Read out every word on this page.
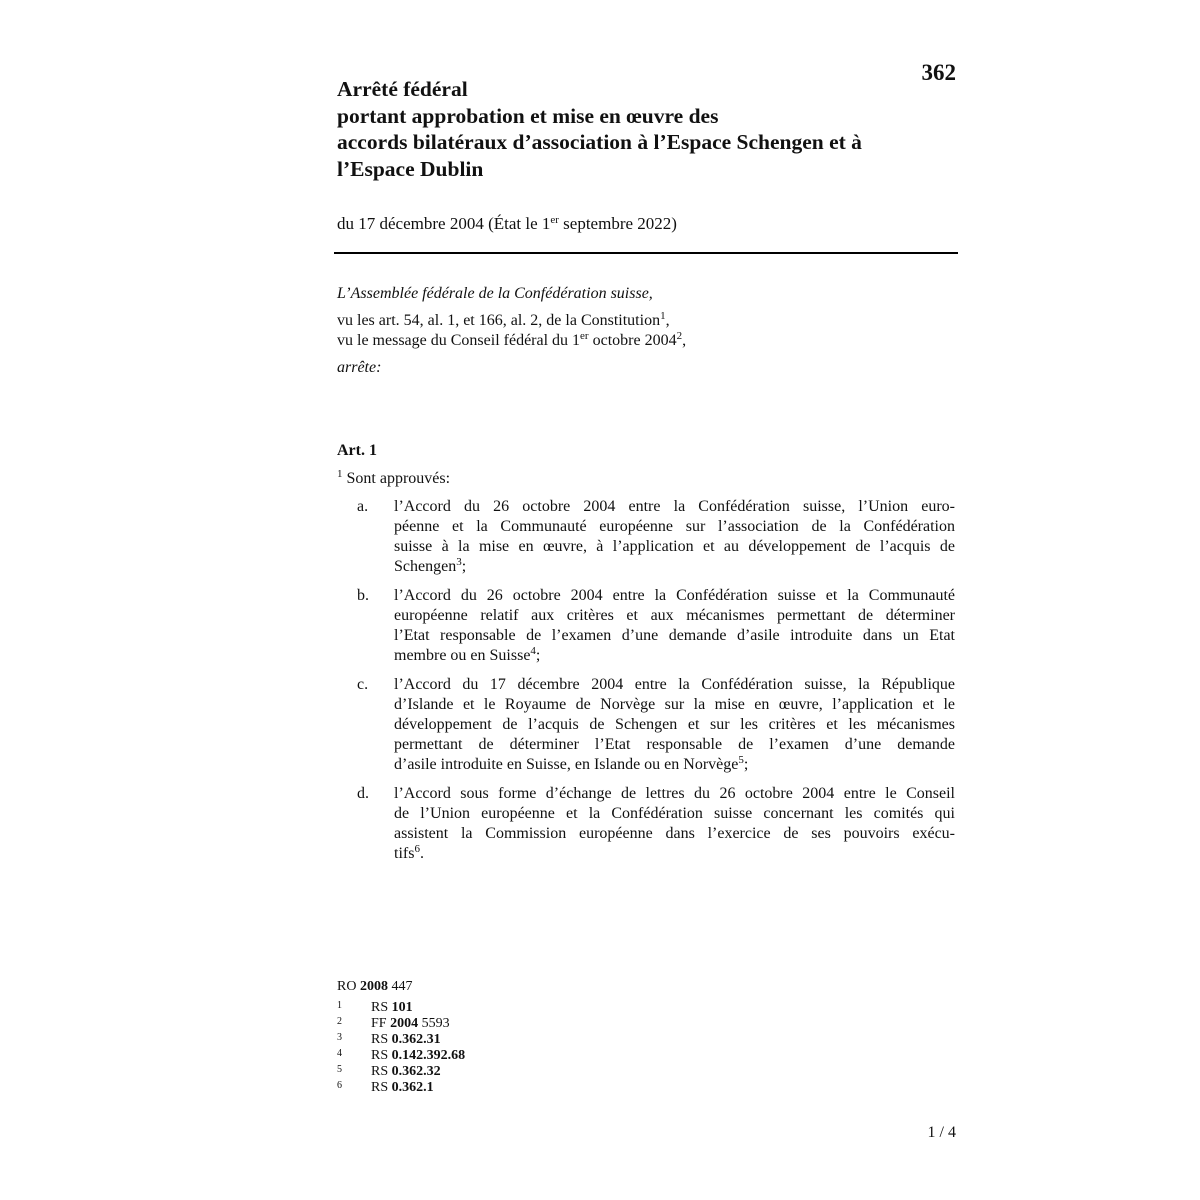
362
Arrêté fédéral
portant approbation et mise en œuvre des
accords bilatéraux d’association à l’Espace Schengen et à
l’Espace Dublin
du 17 décembre 2004 (État le 1er septembre 2022)
L’Assemblée fédérale de la Confédération suisse,
vu les art. 54, al. 1, et 166, al. 2, de la Constitution$^1$,
vu le message du Conseil fédéral du 1er octobre 2004$^2$,
arrête:
Art. 1
$^1$ Sont approuvés:
a.	l’Accord du 26 octobre 2004 entre la Confédération suisse, l’Union euro-
péenne et la Communauté européenne sur l’association de la Confédération
suisse à la mise en œuvre, à l’application et au développement de l’acquis de
Schengen$^3$;
b.	l’Accord du 26 octobre 2004 entre la Confédération suisse et la Communauté
européenne relatif aux critères et aux mécanismes permettant de déterminer
l’Etat responsable de l’examen d’une demande d’asile introduite dans un Etat
membre ou en Suisse$^4$;
c.	l’Accord du 17 décembre 2004 entre la Confédération suisse, la République
d’Islande et le Royaume de Norvège sur la mise en œuvre, l’application et le
développement de l’acquis de Schengen et sur les critères et les mécanismes
permettant de déterminer l’Etat responsable de l’examen d’une demande
d’asile introduite en Suisse, en Islande ou en Norvège$^5$;
d.	l’Accord sous forme d’échange de lettres du 26 octobre 2004 entre le Conseil
de l’Union européenne et la Confédération suisse concernant les comités qui
assistent la Commission européenne dans l’exercice de ses pouvoirs exécu-
tifs$^6$.
RO 2008 447
1 RS 101
2 FF 2004 5593
3 RS 0.362.31
4 RS 0.142.392.68
5 RS 0.362.32
6 RS 0.362.1
1 / 4
